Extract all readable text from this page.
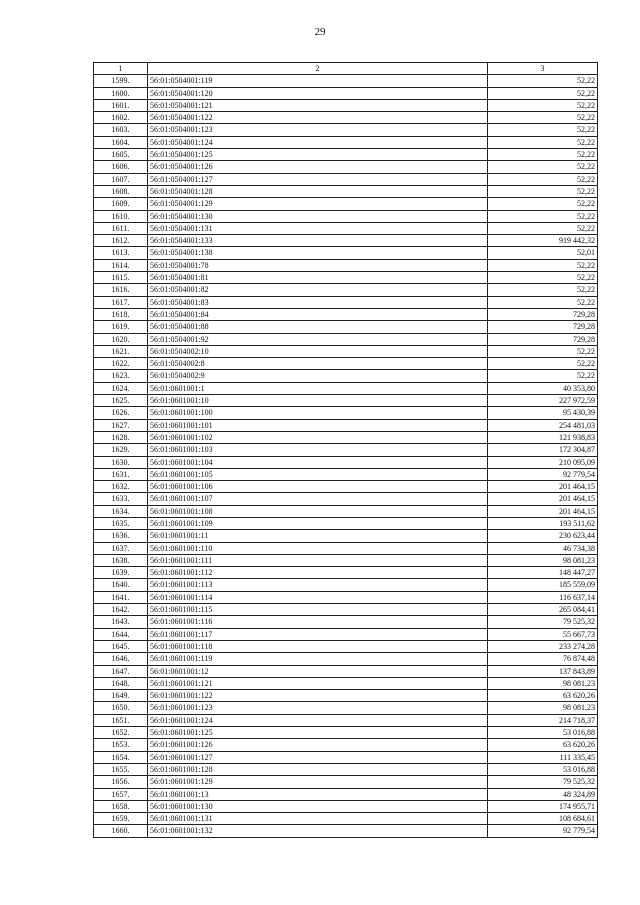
29
1	2	3
1599.	56:01:0504001:119	52,22
1600.	56:01:0504001:120	52,22
1601.	56:01:0504001:121	52,22
1602.	56:01:0504001:122	52,22
1603.	56:01:0504001:123	52,22
1604.	56:01:0504001:124	52,22
1605.	56:01:0504001:125	52,22
1606.	56:01:0504001:126	52,22
1607.	56:01:0504001:127	52,22
1608.	56:01:0504001:128	52,22
1609.	56:01:0504001:129	52,22
1610.	56:01:0504001:130	52,22
1611.	56:01:0504001:131	52,22
1612.	56:01:0504001:133	919 442,32
1613.	56:01:0504001:138	52,01
1614.	56:01:0504001:78	52,22
1615.	56:01:0504001:81	52,22
1616.	56:01:0504001:82	52,22
1617.	56:01:0504001:83	52,22
1618.	56:01:0504001:84	729,28
1619.	56:01:0504001:88	729,28
1620.	56:01:0504001:92	729,28
1621.	56:01:0504002:10	52,22
1622.	56:01:0504002:8	52,22
1623.	56:01:0504002:9	52,22
1624.	56:01:0601001:1	40 353,80
1625.	56:01:0601001:10	227 972,59
1626.	56:01:0601001:100	95 430,39
1627.	56:01:0601001:101	254 481,03
1628.	56:01:0601001:102	121 938,83
1629.	56:01:0601001:103	172 304,87
1630.	56:01:0601001:104	210 095,09
1631.	56:01:0601001:105	92 779,54
1632.	56:01:0601001:106	201 464,15
1633.	56:01:0601001:107	201 464,15
1634.	56:01:0601001:108	201 464,15
1635.	56:01:0601001:109	193 511,62
1636.	56:01:0601001:11	230 623,44
1637.	56:01:0601001:110	46 734,38
1638.	56:01:0601001:111	98 081,23
1639.	56:01:0601001:112	148 447,27
1640.	56:01:0601001:113	185 559,09
1641.	56:01:0601001:114	116 637,14
1642.	56:01:0601001:115	265 084,41
1643.	56:01:0601001:116	79 525,32
1644.	56:01:0601001:117	55 667,73
1645.	56:01:0601001:118	233 274,28
1646.	56:01:0601001:119	76 874,48
1647.	56:01:0601001:12	137 843,89
1648.	56:01:0601001:121	98 081,23
1649.	56:01:0601001:122	63 620,26
1650.	56:01:0601001:123	98 081,23
1651.	56:01:0601001:124	214 718,37
1652.	56:01:0601001:125	53 016,88
1653.	56:01:0601001:126	63 620,26
1654.	56:01:0601001:127	111 335,45
1655.	56:01:0601001:128	53 016,88
1656.	56:01:0601001:129	79 525,32
1657.	56:01:0601001:13	48 324,89
1658.	56:01:0601001:130	174 955,71
1659.	56:01:0601001:131	108 684,61
1660.	56:01:0601001:132	92 779,54
